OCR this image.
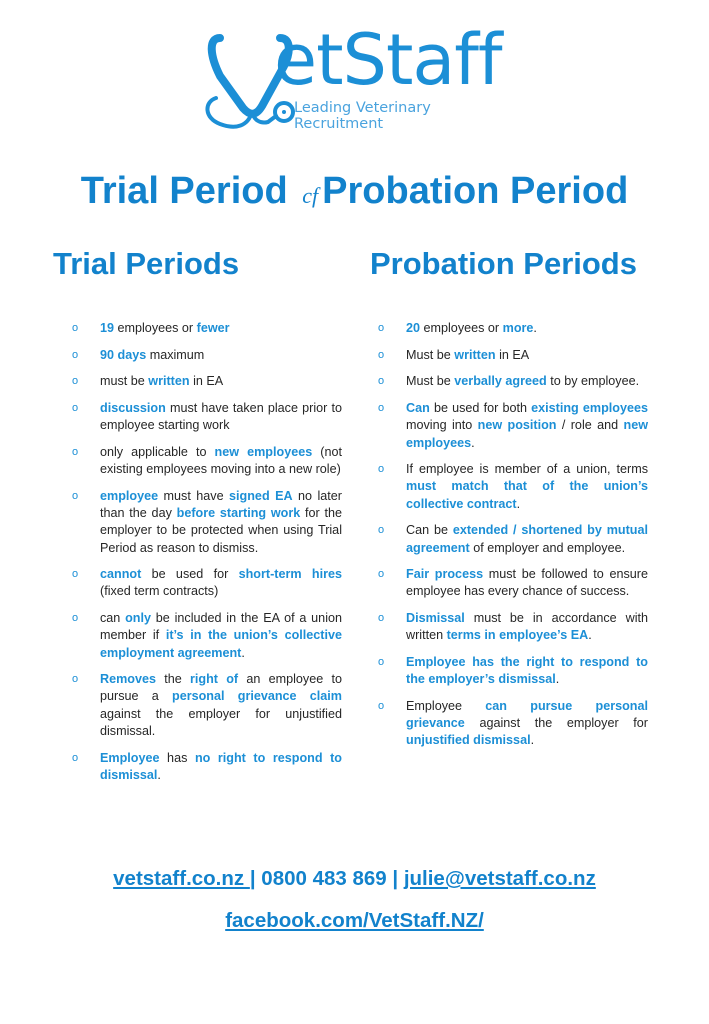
etStaff
Leading Veterinary
Recruitment
Trial Period cf Probation Period
Trial Periods	Probation Periods
o 19 employees or fewer
o 90 days maximum
o must be written in EA
o discussion must have taken place prior to employee starting work
o only applicable to new employees (not existing employees moving into a new role)
o employee must have signed EA no later than the day before starting work for the employer to be protected when using Trial Period as reason to dismiss.
o cannot be used for short-term hires (fixed term contracts)
o can only be included in the EA of a union member if it’s in the union’s collective employment agreement.
o Removes the right of an employee to pursue a personal grievance claim against the employer for unjustified dismissal.
o Employee has no right to respond to dismissal.
o 20 employees or more.
o Must be written in EA
o Must be verbally agreed to by employee.
o Can be used for both existing employees moving into new position / role and new employees.
o If employee is member of a union, terms must match that of the union’s collective contract.
o Can be extended / shortened by mutual agreement of employer and employee.
o Fair process must be followed to ensure employee has every chance of success.
o Dismissal must be in accordance with written terms in employee’s EA.
o Employee has the right to respond to the employer’s dismissal.
o Employee can pursue personal grievance against the employer for unjustified dismissal.
vetstaff.co.nz | 0800 483 869 | julie@vetstaff.co.nz
facebook.com/VetStaff.NZ/
